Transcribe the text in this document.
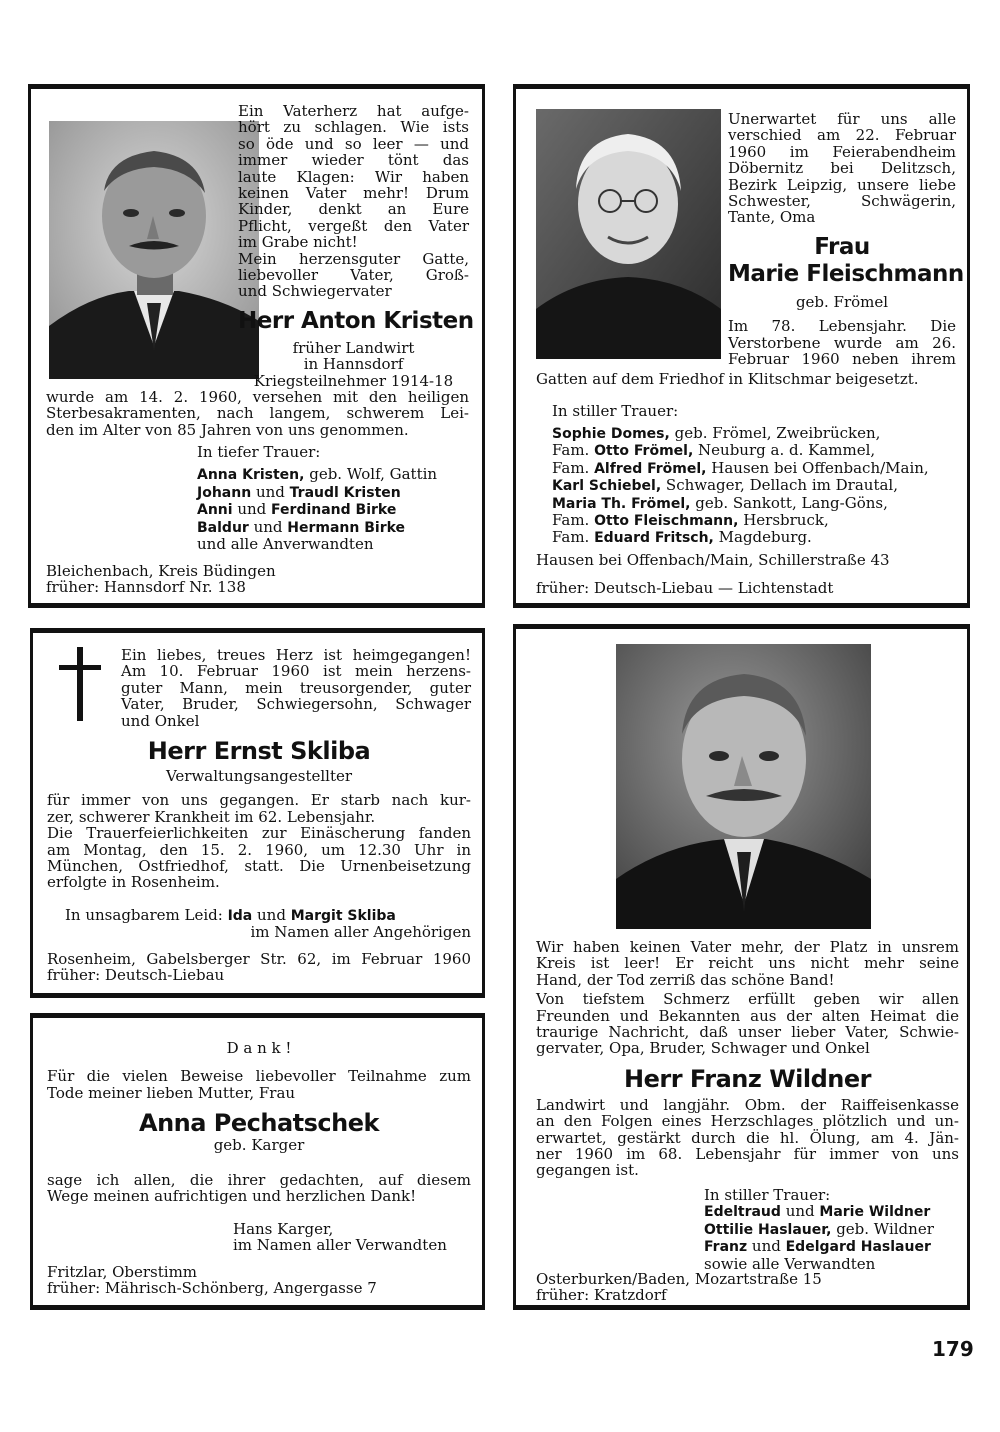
Ein Vaterherz hat aufge-

hört zu schlagen. Wie ists

so öde und so leer — und

immer wieder tönt das

laute Klagen: Wir haben

keinen Vater mehr! Drum

Kinder, denkt an Eure

Pflicht, vergeßt den Vater

im Grabe nicht!

Mein herzensguter Gatte,

liebevoller Vater, Groß-

und Schwiegervater

Herr Anton Kristen

früher Landwirt

in Hannsdorf

Kriegsteilnehmer 1914-18

wurde am 14. 2. 1960, versehen mit den heiligen

Sterbesakramenten, nach langem, schwerem Lei-

den im Alter von 85 Jahren von uns genommen.

In tiefer Trauer:

Anna Kristen, geb. Wolf, Gattin

Johann und Traudl Kristen

Anni und Ferdinand Birke

Baldur und Hermann Birke

und alle Anverwandten

Bleichenbach, Kreis Büdingen

früher: Hannsdorf Nr. 138

Unerwartet für uns alle

verschied am 22. Februar

1960 im Feierabendheim

Döbernitz bei Delitzsch,

Bezirk Leipzig, unsere liebe

Schwester, Schwägerin,

Tante, Oma

Frau

Marie Fleischmann

geb. Frömel

Im 78. Lebensjahr. Die

Verstorbene wurde am 26.

Februar 1960 neben ihrem

Gatten auf dem Friedhof in Klitschmar beigesetzt.

In stiller Trauer:

Sophie Domes, geb. Frömel, Zweibrücken,

Fam. Otto Frömel, Neuburg a. d. Kammel,

Fam. Alfred Frömel, Hausen bei Offenbach/Main,

Karl Schiebel, Schwager, Dellach im Drautal,

Maria Th. Frömel, geb. Sankott, Lang-Göns,

Fam. Otto Fleischmann, Hersbruck,

Fam. Eduard Fritsch, Magdeburg.

Hausen bei Offenbach/Main, Schillerstraße 43

früher: Deutsch-Liebau — Lichtenstadt

Ein liebes, treues Herz ist heimgegangen!

Am 10. Februar 1960 ist mein herzens-

guter Mann, mein treusorgender, guter

Vater, Bruder, Schwiegersohn, Schwager

und Onkel

Herr Ernst Skliba

Verwaltungsangestellter

für immer von uns gegangen. Er starb nach kur-

zer, schwerer Krankheit im 62. Lebensjahr.

Die Trauerfeierlichkeiten zur Einäscherung fanden

am Montag, den 15. 2. 1960, um 12.30 Uhr in

München, Ostfriedhof, statt. Die Urnenbeisetzung

erfolgte in Rosenheim.

In unsagbarem Leid: Ida und Margit Skliba

im Namen aller Angehörigen

Rosenheim, Gabelsberger Str. 62, im Februar 1960

früher: Deutsch-Liebau

D a n k !

Für die vielen Beweise liebevoller Teilnahme zum

Tode meiner lieben Mutter, Frau

Anna Pechatschek

geb. Karger

sage ich allen, die ihrer gedachten, auf diesem

Wege meinen aufrichtigen und herzlichen Dank!

Hans Karger,

im Namen aller Verwandten

Fritzlar, Oberstimm

früher: Mährisch-Schönberg, Angergasse 7

Wir haben keinen Vater mehr, der Platz in unsrem

Kreis ist leer! Er reicht uns nicht mehr seine

Hand, der Tod zerriß das schöne Band!

Von tiefstem Schmerz erfüllt geben wir allen

Freunden und Bekannten aus der alten Heimat die

traurige Nachricht, daß unser lieber Vater, Schwie-

gervater, Opa, Bruder, Schwager und Onkel

Herr Franz Wildner

Landwirt und langjähr. Obm. der Raiffeisenkasse

an den Folgen eines Herzschlages plötzlich und un-

erwartet, gestärkt durch die hl. Ölung, am 4. Jän-

ner 1960 im 68. Lebensjahr für immer von uns

gegangen ist.

In stiller Trauer:

Edeltraud und Marie Wildner

Ottilie Haslauer, geb. Wildner

Franz und Edelgard Haslauer

sowie alle Verwandten

Osterburken/Baden, Mozartstraße 15

früher: Kratzdorf

179
